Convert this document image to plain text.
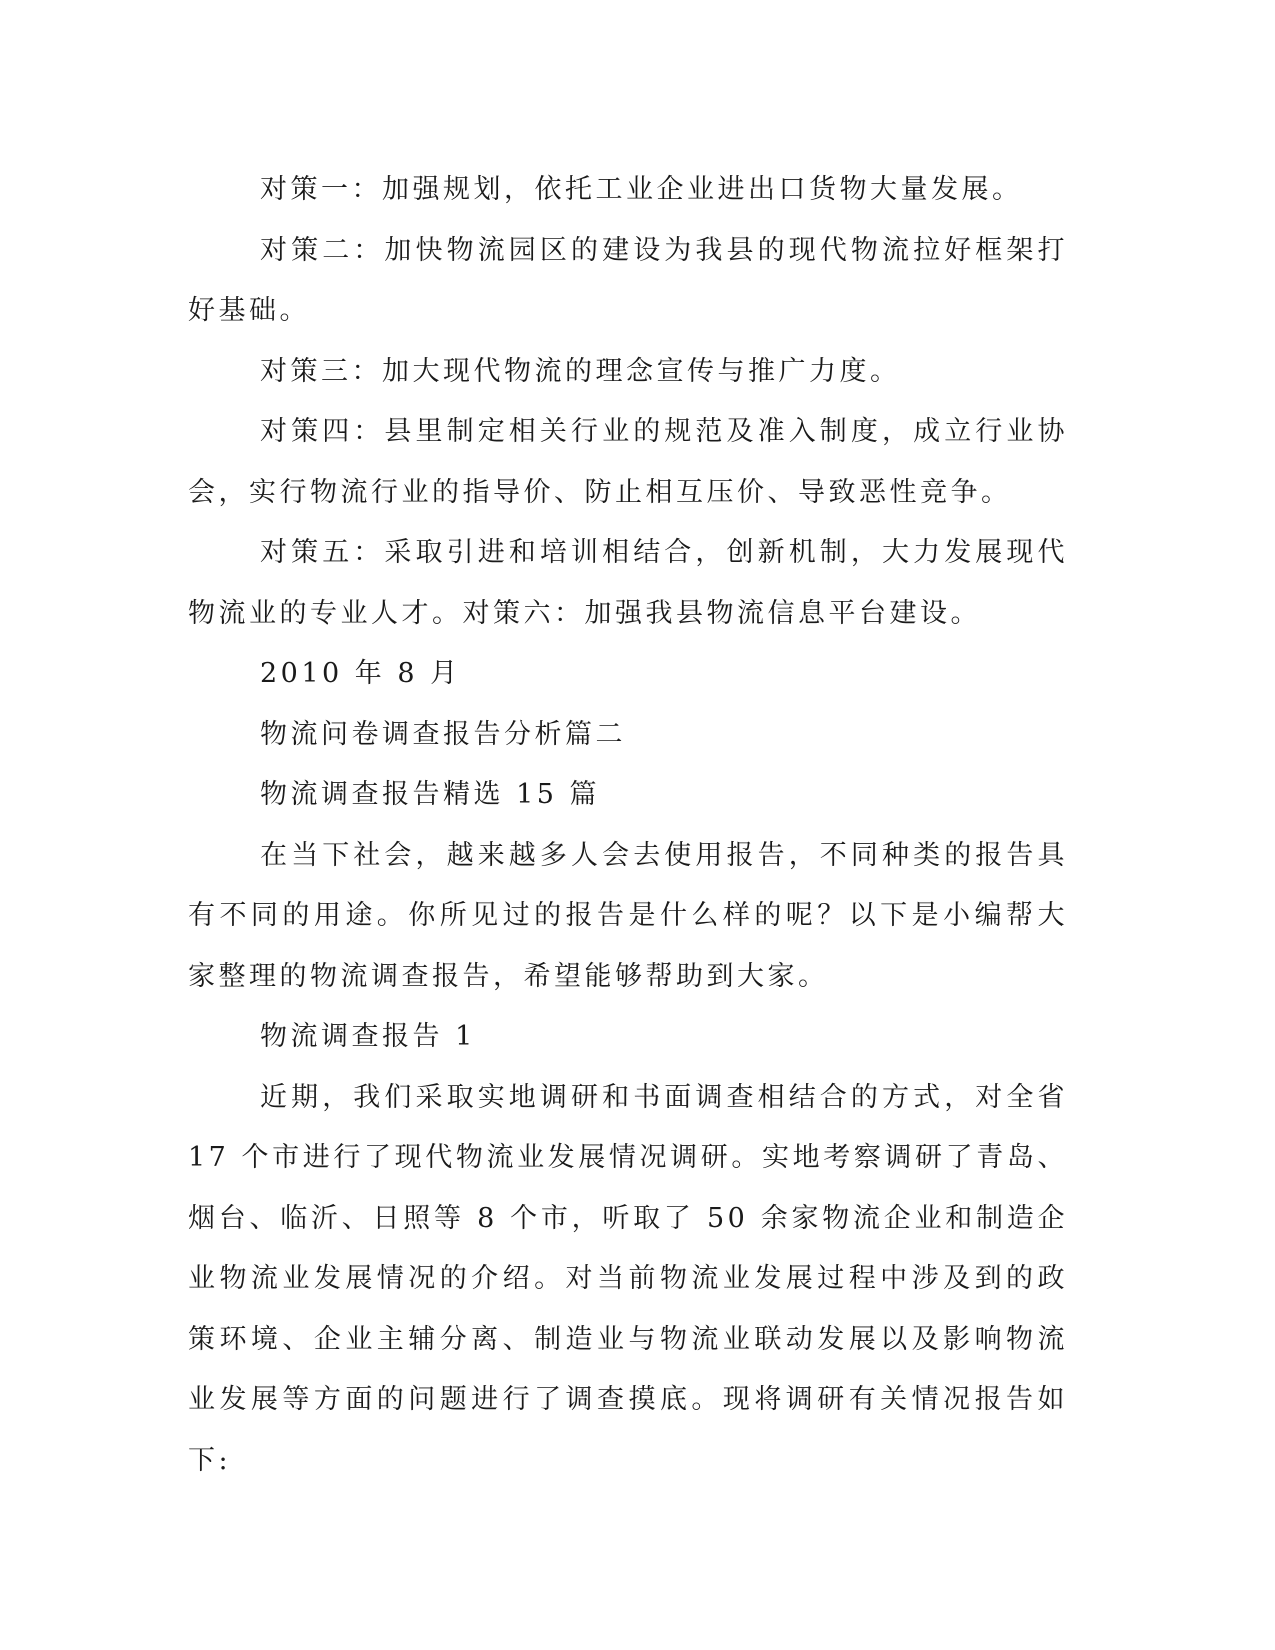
对策一：加强规划，依托工业企业进出口货物大量发展。

对策二：加快物流园区的建设为我县的现代物流拉好框架打好基础。

对策三：加大现代物流的理念宣传与推广力度。

对策四：县里制定相关行业的规范及准入制度，成立行业协会，实行物流行业的指导价、防止相互压价、导致恶性竞争。

对策五：采取引进和培训相结合，创新机制，大力发展现代物流业的专业人才。对策六：加强我县物流信息平台建设。

2010 年 8 月

物流问卷调查报告分析篇二

物流调查报告精选 15 篇

在当下社会，越来越多人会去使用报告，不同种类的报告具有不同的用途。你所见过的报告是什么样的呢？以下是小编帮大家整理的物流调查报告，希望能够帮助到大家。

物流调查报告 1

近期，我们采取实地调研和书面调查相结合的方式，对全省 17 个市进行了现代物流业发展情况调研。实地考察调研了青岛、烟台、临沂、日照等 8 个市，听取了 50 余家物流企业和制造企业物流业发展情况的介绍。对当前物流业发展过程中涉及到的政策环境、企业主辅分离、制造业与物流业联动发展以及影响物流业发展等方面的问题进行了调查摸底。现将调研有关情况报告如下:
